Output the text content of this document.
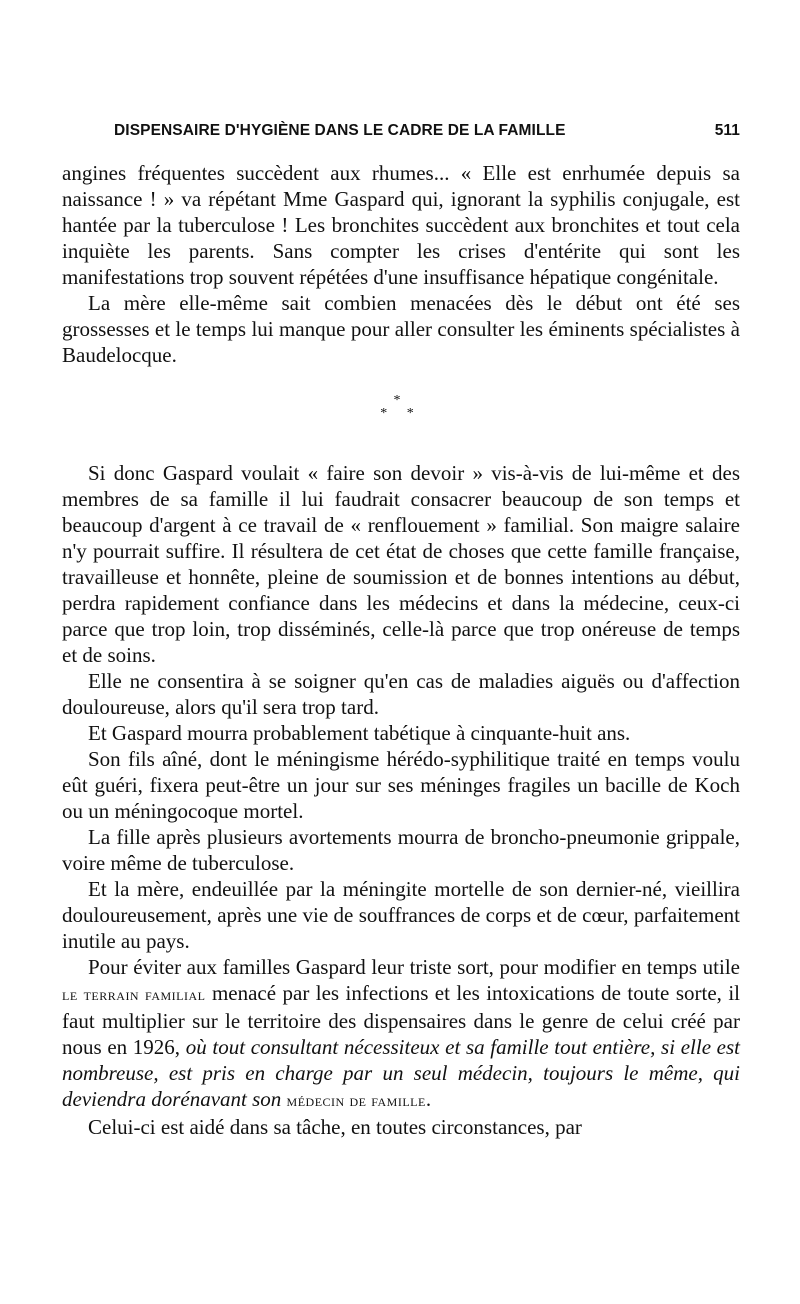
DISPENSAIRE D'HYGIÈNE DANS LE CADRE DE LA FAMILLE	511

angines fréquentes succèdent aux rhumes... « Elle est enrhumée depuis sa naissance ! » va répétant Mme Gaspard qui, ignorant la syphilis conjugale, est hantée par la tuberculose ! Les bronchites succèdent aux bronchites et tout cela inquiète les parents. Sans compter les crises d'entérite qui sont les manifestations trop souvent répétées d'une insuffisance hépatique congénitale.

La mère elle-même sait combien menacées dès le début ont été ses grossesses et le temps lui manque pour aller consulter les éminents spécialistes à Baudelocque.

*
* *

Si donc Gaspard voulait « faire son devoir » vis-à-vis de lui-même et des membres de sa famille il lui faudrait consacrer beaucoup de son temps et beaucoup d'argent à ce travail de « renflouement » familial. Son maigre salaire n'y pourrait suffire. Il résultera de cet état de choses que cette famille française, travailleuse et honnête, pleine de soumission et de bonnes intentions au début, perdra rapidement confiance dans les médecins et dans la médecine, ceux-ci parce que trop loin, trop disséminés, celle-là parce que trop onéreuse de temps et de soins.

Elle ne consentira à se soigner qu'en cas de maladies aiguës ou d'affection douloureuse, alors qu'il sera trop tard.

Et Gaspard mourra probablement tabétique à cinquante-huit ans.

Son fils aîné, dont le méningisme hérédo-syphilitique traité en temps voulu eût guéri, fixera peut-être un jour sur ses méninges fragiles un bacille de Koch ou un méningocoque mortel.

La fille après plusieurs avortements mourra de broncho-pneumonie grippale, voire même de tuberculose.

Et la mère, endeuillée par la méningite mortelle de son dernier-né, vieillira douloureusement, après une vie de souffrances de corps et de cœur, parfaitement inutile au pays.

Pour éviter aux familles Gaspard leur triste sort, pour modifier en temps utile le terrain familial menacé par les infections et les intoxications de toute sorte, il faut multiplier sur le territoire des dispensaires dans le genre de celui créé par nous en 1926, où tout consultant nécessiteux et sa famille tout entière, si elle est nombreuse, est pris en charge par un seul médecin, toujours le même, qui deviendra dorénavant son médecin de famille.

Celui-ci est aidé dans sa tâche, en toutes circonstances, par
